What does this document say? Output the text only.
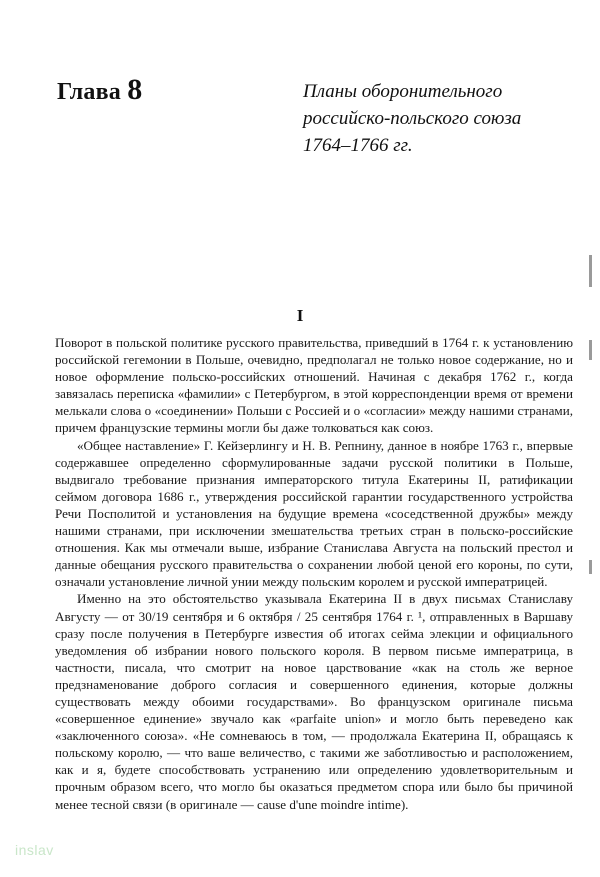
Глава 8	Планы оборонительного
российско-польского союза
1764–1766 гг.
I

Поворот в польской политике русского правительства, приведший в 1764 г. к установлению российской гегемонии в Польше, очевидно, предполагал не только новое содержание, но и новое оформление польско-российских отношений. Начиная с декабря 1762 г., когда завязалась переписка «фамилии» с Петербургом, в этой корреспонденции время от времени мелькали слова о «соединении» Польши с Россией и о «согласии» между нашими странами, причем французские термины могли бы даже толковаться как союз.

«Общее наставление» Г. Кейзерлингу и Н. В. Репнину, данное в ноябре 1763 г., впервые содержавшее определенно сформулированные задачи русской политики в Польше, выдвигало требование признания императорского титула Екатерины II, ратификации сеймом договора 1686 г., утверждения российской гарантии государственного устройства Речи Посполитой и установления на будущие времена «соседственной дружбы» между нашими странами, при исключении змешательства третьих стран в польско-российские отношения. Как мы отмечали выше, избрание Станислава Августа на польский престол и данные обещания русского правительства о сохранении любой ценой его короны, по сути, означали установление личной унии между польским королем и русской императрицей.

Именно на это обстоятельство указывала Екатерина II в двух письмах Станиславу Августу — от 30/19 сентября и 6 октября / 25 сентября 1764 г. ¹, отправленных в Варшаву сразу после получения в Петербурге известия об итогах сейма элекции и официального уведомления об избрании нового польского короля. В первом письме императрица, в частности, писала, что смотрит на новое царствование «как на столь же верное предзнаменование доброго согласия и совершенного единения, которые должны существовать между обоими государствами». Во французском оригинале письма «совершенное единение» звучало как «parfaite union» и могло быть переведено как «заключенного союза». «Не сомневаюсь в том, — продолжала Екатерина II, обращаясь к польскому королю, — что ваше величество, с такими же заботливостью и расположением, как и я, будете способствовать устранению или определению удовлетворительным и прочным образом всего, что могло бы оказаться предметом спора или было бы причиной менее тесной связи (в оригинале — cause d'une moindre intime).

inslav
